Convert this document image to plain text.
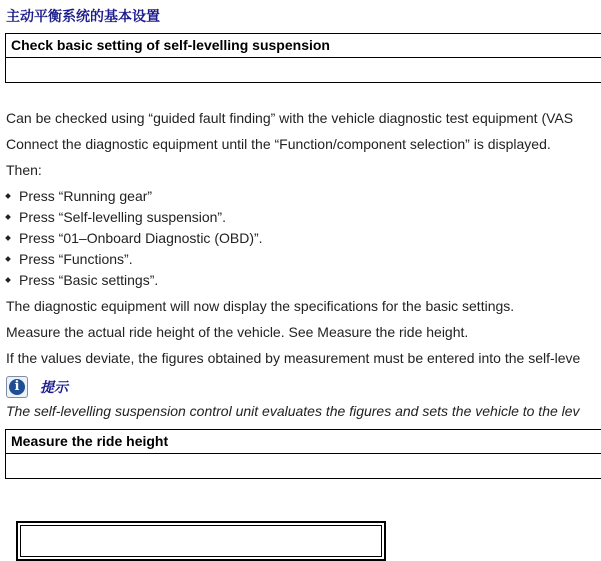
主动平衡系统的基本设置
Check basic setting of self-levelling suspension
Can be checked using “guided fault finding” with the vehicle diagnostic test equipment (VAS
Connect the diagnostic equipment until the “Function/component selection” is displayed.
Then:
Press “Running gear”
Press “Self-levelling suspension”.
Press “01–Onboard Diagnostic (OBD)”.
Press “Functions”.
Press “Basic settings”.
The diagnostic equipment will now display the specifications for the basic settings.
Measure the actual ride height of the vehicle. See Measure the ride height.
If the values deviate, the figures obtained by measurement must be entered into the self-leve
i	提示
The self-levelling suspension control unit evaluates the figures and sets the vehicle to the lev
Measure the ride height
